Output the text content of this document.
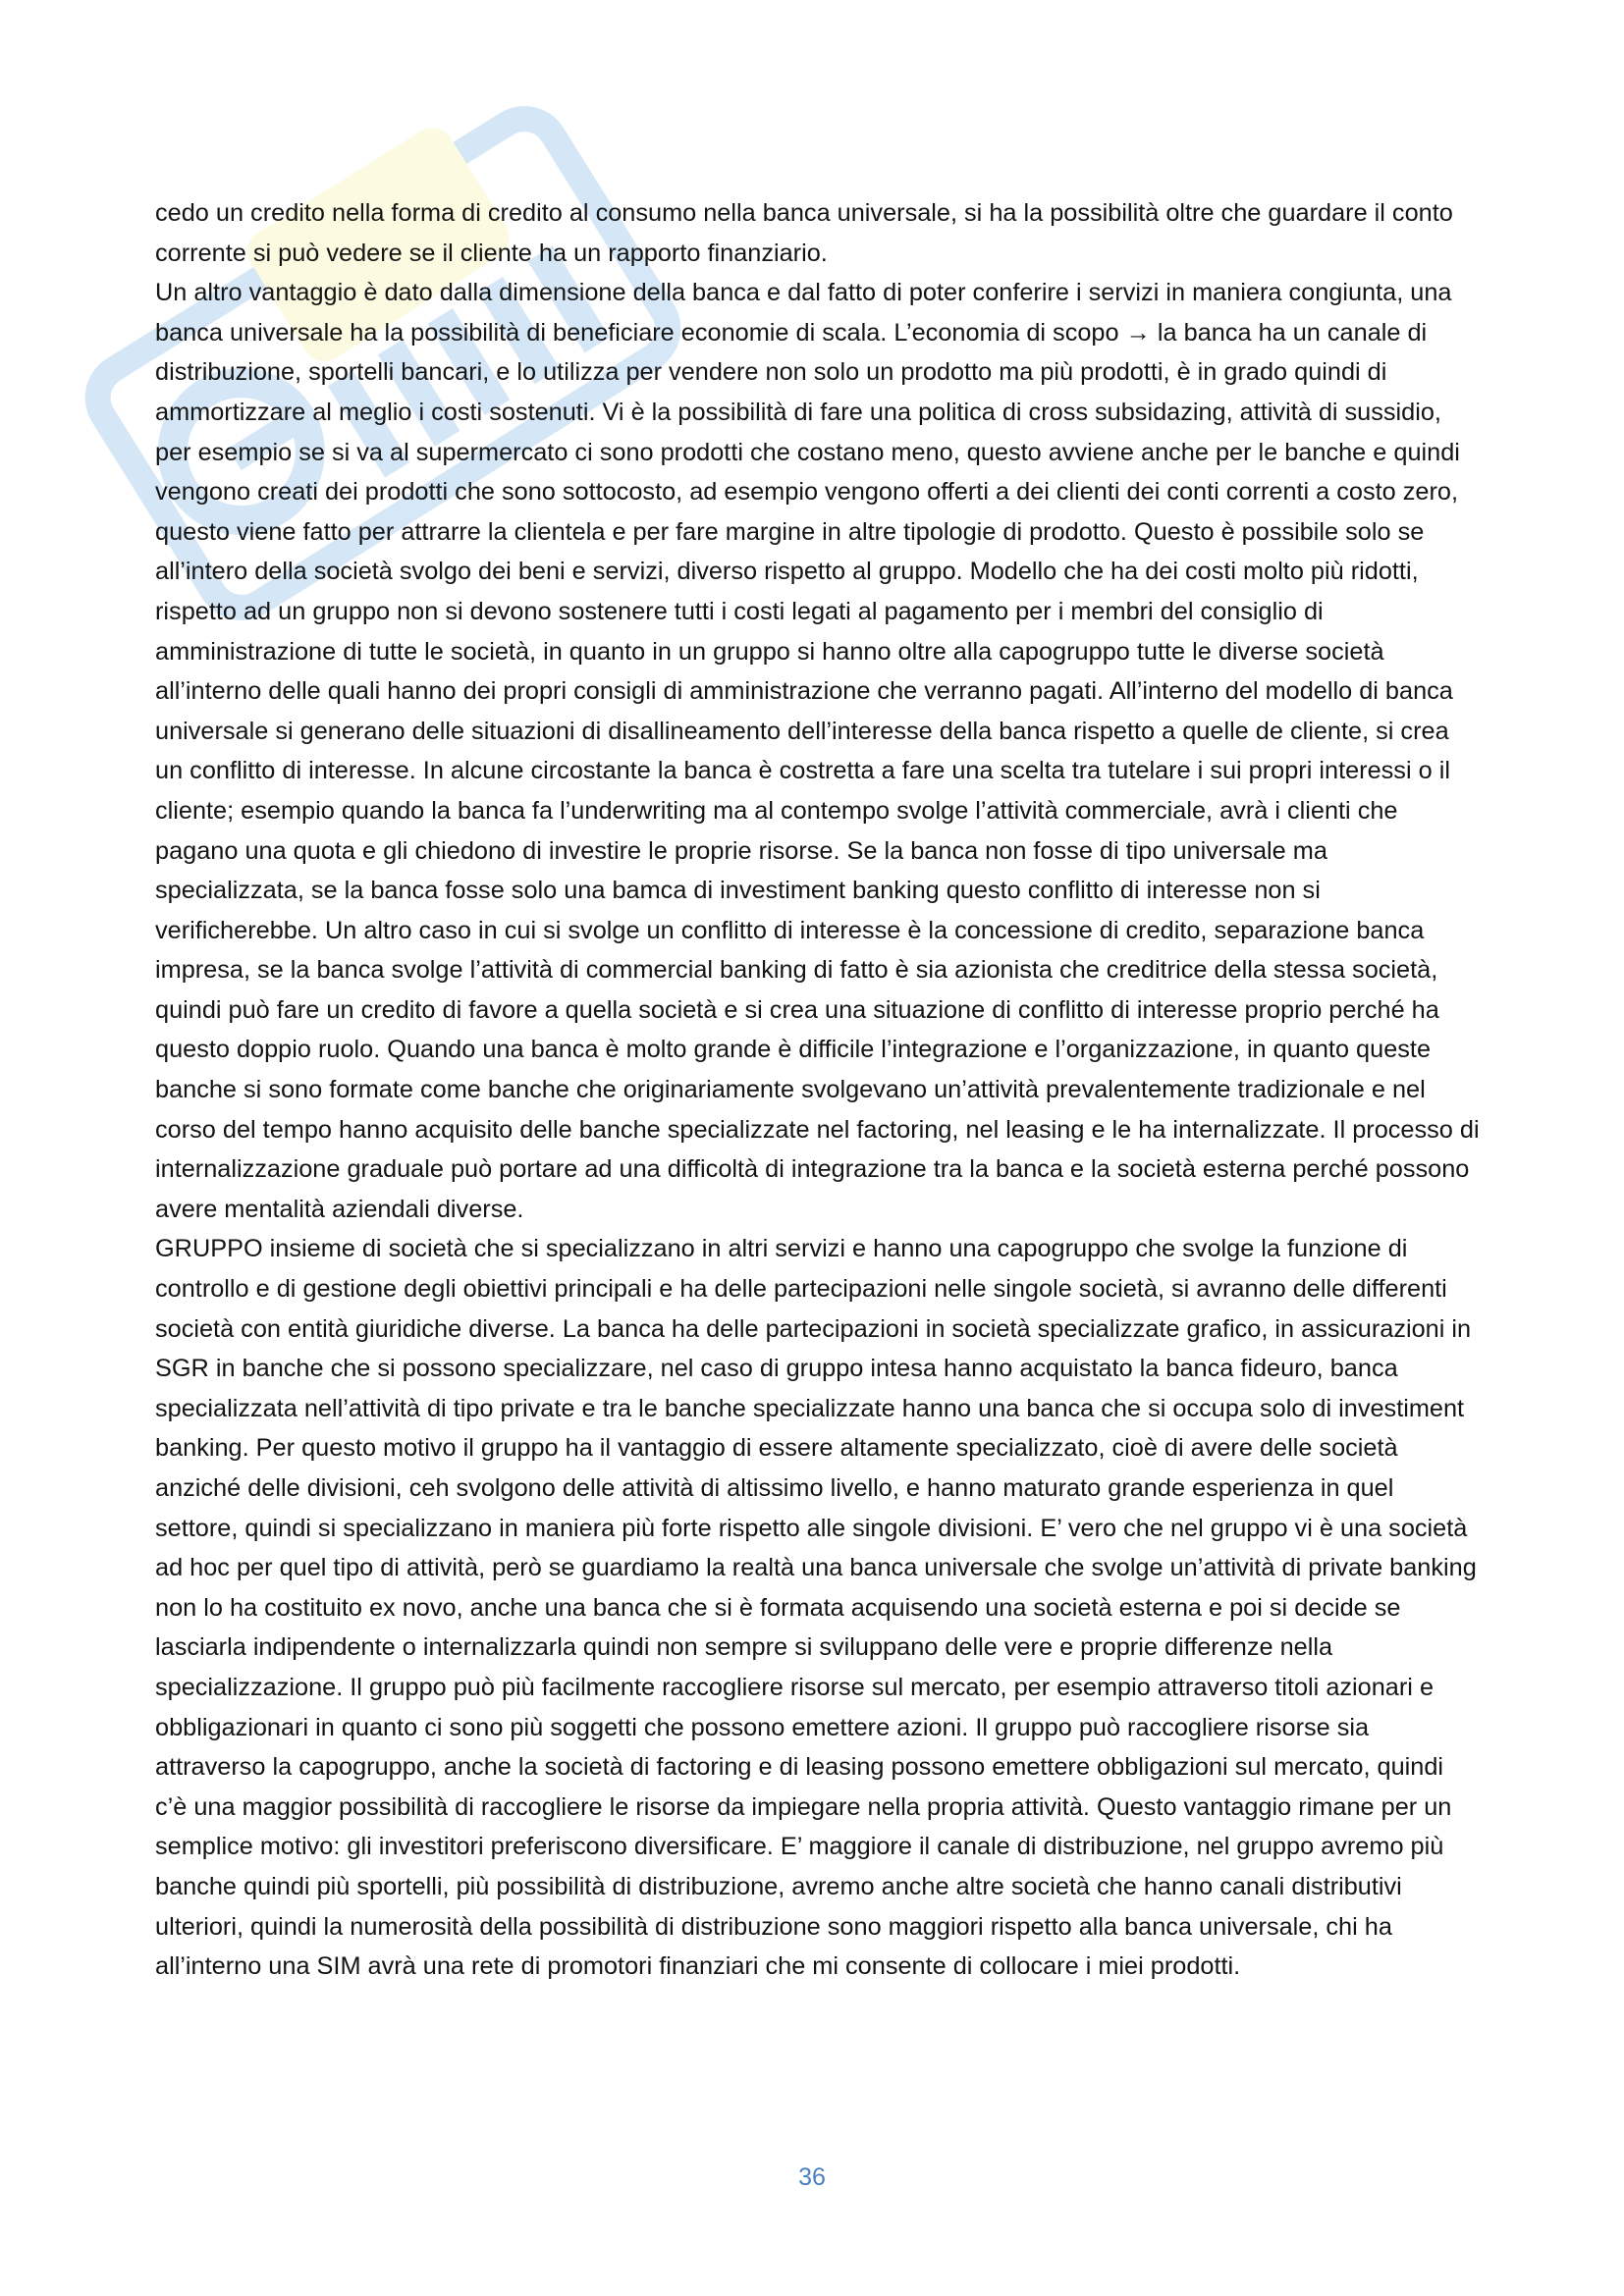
cedo un credito nella forma di credito al consumo nella banca universale, si ha la possibilità oltre che guardare il conto corrente si può vedere se il cliente ha un rapporto finanziario.

Un altro vantaggio è dato dalla dimensione della banca e dal fatto di poter conferire i servizi in maniera congiunta, una banca universale ha la possibilità di beneficiare economie di scala. L’economia di scopo → la banca ha un canale di distribuzione, sportelli bancari, e lo utilizza per vendere non solo un prodotto ma più prodotti, è in grado quindi di ammortizzare al meglio i costi sostenuti. Vi è la possibilità di fare una politica di cross subsidazing, attività di sussidio, per esempio se si va al supermercato ci sono prodotti che costano meno, questo avviene anche per le banche e quindi vengono creati dei prodotti che sono sottocosto, ad esempio vengono offerti a dei clienti dei conti correnti a costo zero, questo viene fatto per attrarre la clientela e per fare margine in altre tipologie di prodotto. Questo è possibile solo se all’intero della società svolgo dei beni e servizi, diverso rispetto al gruppo. Modello che ha dei costi molto più ridotti, rispetto ad un gruppo non si devono sostenere tutti i costi legati al pagamento per i membri del consiglio di amministrazione di tutte le società, in quanto in un gruppo si hanno oltre alla capogruppo tutte le diverse società all’interno delle quali hanno dei propri consigli di amministrazione che verranno pagati. All’interno del modello di banca universale si generano delle situazioni di disallineamento dell’interesse della banca rispetto a quelle de cliente, si crea un conflitto di interesse. In alcune circostante la banca è costretta a fare una scelta tra tutelare i sui propri interessi o il cliente; esempio quando la banca fa l’underwriting ma al contempo svolge l’attività commerciale, avrà i clienti che pagano una quota e gli chiedono di investire le proprie risorse. Se la banca non fosse di tipo universale ma specializzata, se la banca fosse solo una bamca di investiment banking questo conflitto di interesse non si verificherebbe. Un altro caso in cui si svolge un conflitto di interesse è la concessione di credito, separazione banca impresa, se la banca svolge l’attività di commercial banking di fatto è sia azionista che creditrice della stessa società, quindi può fare un credito di favore a quella società e si crea una situazione di conflitto di interesse proprio perché ha questo doppio ruolo. Quando una banca è molto grande è difficile l’integrazione e l’organizzazione, in quanto queste banche si sono formate come banche che originariamente svolgevano un’attività prevalentemente tradizionale e nel corso del tempo hanno acquisito delle banche specializzate nel factoring, nel leasing e le ha internalizzate. Il processo di internalizzazione graduale può portare ad una difficoltà di integrazione tra la banca e la società esterna perché possono avere mentalità aziendali diverse.

GRUPPO insieme di società che si specializzano in altri servizi e hanno una capogruppo che svolge la funzione di controllo e di gestione degli obiettivi principali e ha delle partecipazioni nelle singole società, si avranno delle differenti società con entità giuridiche diverse. La banca ha delle partecipazioni in società specializzate grafico, in assicurazioni in SGR in banche che si possono specializzare, nel caso di gruppo intesa hanno acquistato la banca fideuro, banca specializzata nell’attività di tipo private e tra le banche specializzate hanno una banca che si occupa solo di investiment banking. Per questo motivo il gruppo ha il vantaggio di essere altamente specializzato, cioè di avere delle società anziché delle divisioni, ceh svolgono delle attività di altissimo livello, e hanno maturato grande esperienza in quel settore, quindi si specializzano in maniera più forte rispetto alle singole divisioni. E’ vero che nel gruppo vi è una società ad hoc per quel tipo di attività, però se guardiamo la realtà una banca universale che svolge un’attività di private banking non lo ha costituito ex novo, anche una banca che si è formata acquisendo una società esterna e poi si decide se lasciarla indipendente o internalizzarla quindi non sempre si sviluppano delle vere e proprie differenze nella specializzazione. Il gruppo può più facilmente raccogliere risorse sul mercato, per esempio attraverso titoli azionari e obbligazionari in quanto ci sono più soggetti che possono emettere azioni. Il gruppo può raccogliere risorse sia attraverso la capogruppo, anche la società di factoring e di leasing possono emettere obbligazioni sul mercato, quindi c’è una maggior possibilità di raccogliere le risorse da impiegare nella propria attività. Questo vantaggio rimane per un semplice motivo: gli investitori preferiscono diversificare. E’ maggiore il canale di distribuzione, nel gruppo avremo più banche quindi più sportelli, più possibilità di distribuzione, avremo anche altre società che hanno canali distributivi ulteriori, quindi la numerosità della possibilità di distribuzione sono maggiori rispetto alla banca universale, chi ha all’interno una SIM avrà una rete di promotori finanziari che mi consente di collocare i miei prodotti.

36
